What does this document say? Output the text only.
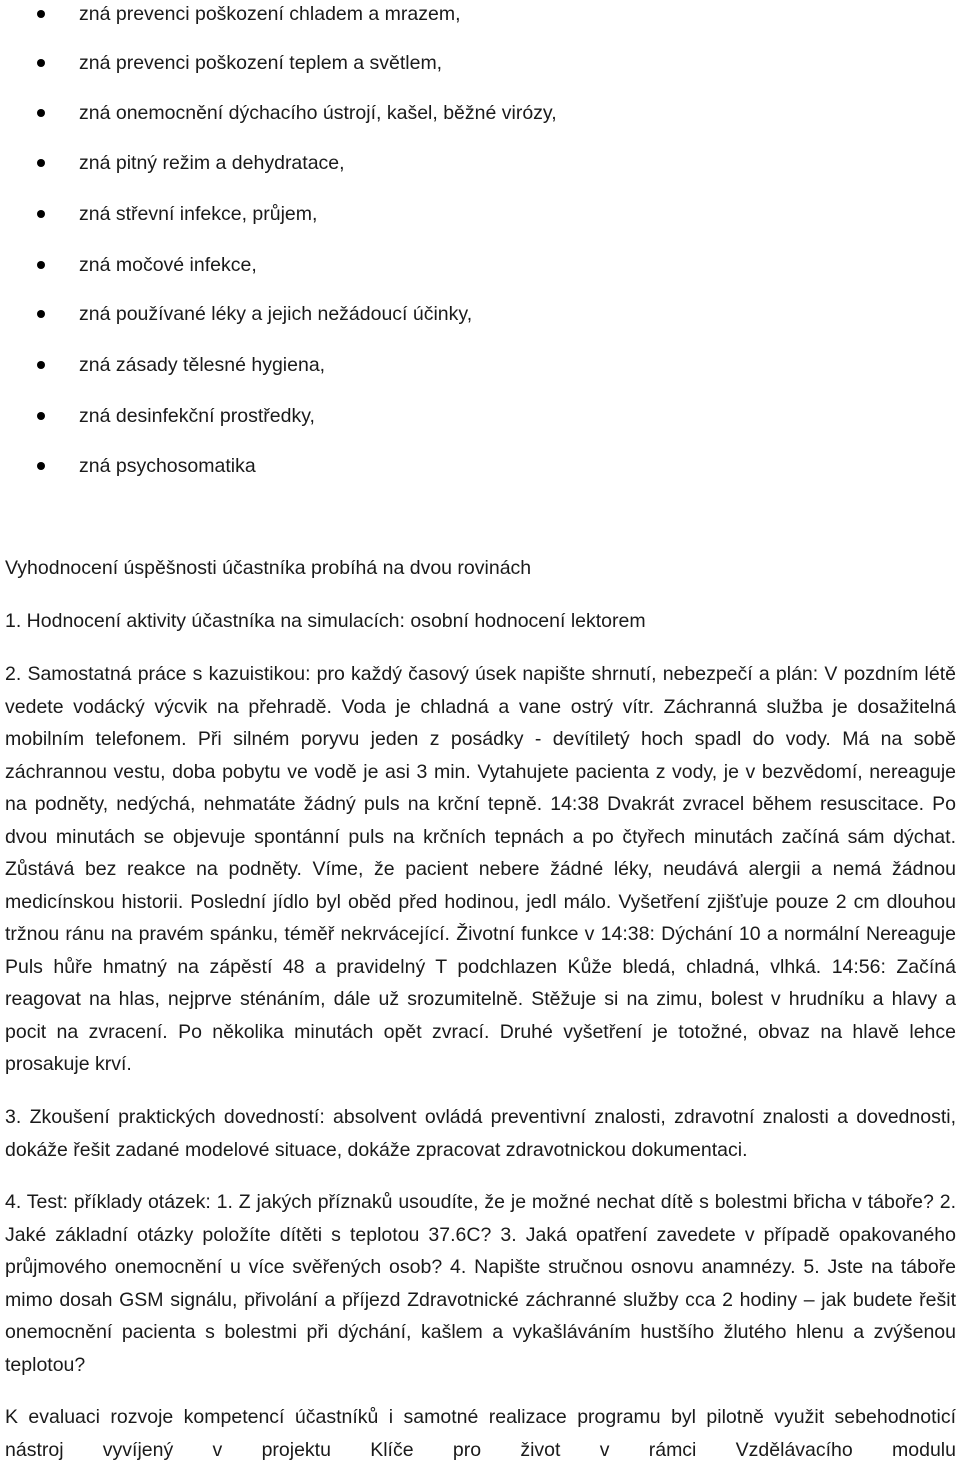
zná prevenci poškození chladem a mrazem,
zná prevenci poškození teplem a světlem,
zná onemocnění dýchacího ústrojí, kašel, běžné virózy,
zná pitný režim a dehydratace,
zná střevní infekce, průjem,
zná močové infekce,
zná používané léky a jejich nežádoucí účinky,
zná zásady tělesné hygiena,
zná desinfekční prostředky,
zná psychosomatika

Vyhodnocení úspěšnosti účastníka probíhá na dvou rovinách

1. Hodnocení aktivity účastníka na simulacích: osobní hodnocení lektorem

2. Samostatná práce s kazuistikou: pro každý časový úsek napište shrnutí, nebezpečí a plán: V pozdním létě vedete vodácký výcvik na přehradě. Voda je chladná a vane ostrý vítr. Záchranná služba je dosažitelná mobilním telefonem. Při silném poryvu jeden z posádky - devítiletý hoch spadl do vody. Má na sobě záchrannou vestu, doba pobytu ve vodě je asi 3 min. Vytahujete pacienta z vody, je v bezvědomí, nereaguje na podněty, nedýchá, nehmatáte žádný puls na krční tepně. 14:38 Dvakrát zvracel během resuscitace. Po dvou minutách se objevuje spontánní puls na krčních tepnách a po čtyřech minutách začíná sám dýchat. Zůstává bez reakce na podněty. Víme, že pacient nebere žádné léky, neudává alergii a nemá žádnou medicínskou historii. Poslední jídlo byl oběd před hodinou, jedl málo. Vyšetření zjišťuje pouze 2 cm dlouhou tržnou ránu na pravém spánku, téměř nekrvácející. Životní funkce v 14:38: Dýchání 10 a normální Nereaguje Puls hůře hmatný na zápěstí 48 a pravidelný T podchlazen Kůže bledá, chladná, vlhká. 14:56: Začíná reagovat na hlas, nejprve sténáním, dále už srozumitelně. Stěžuje si na zimu, bolest v hrudníku a hlavy a pocit na zvracení. Po několika minutách opět zvrací. Druhé vyšetření je totožné, obvaz na hlavě lehce prosakuje krví.

3. Zkoušení praktických dovedností: absolvent ovládá preventivní znalosti, zdravotní znalosti a dovednosti, dokáže řešit zadané modelové situace, dokáže zpracovat zdravotnickou dokumentaci.

4. Test: příklady otázek: 1. Z jakých příznaků usoudíte, že je možné nechat dítě s bolestmi břicha v táboře? 2. Jaké základní otázky položíte dítěti s teplotou 37.6C? 3. Jaká opatření zavedete v případě opakovaného průjmového onemocnění u více svěřených osob? 4. Napište stručnou osnovu anamnézy. 5. Jste na táboře mimo dosah GSM signálu, přivolání a příjezd Zdravotnické záchranné služby cca 2 hodiny – jak budete řešit onemocnění pacienta s bolestmi při dýchání, kašlem a vykašláváním hustšího žlutého hlenu a zvýšenou teplotou?

K evaluaci rozvoje kompetencí účastníků i samotné realizace programu byl pilotně využit sebehodnoticí nástroj vyvíjený v projektu Klíče pro život v rámci Vzdělávacího modulu
